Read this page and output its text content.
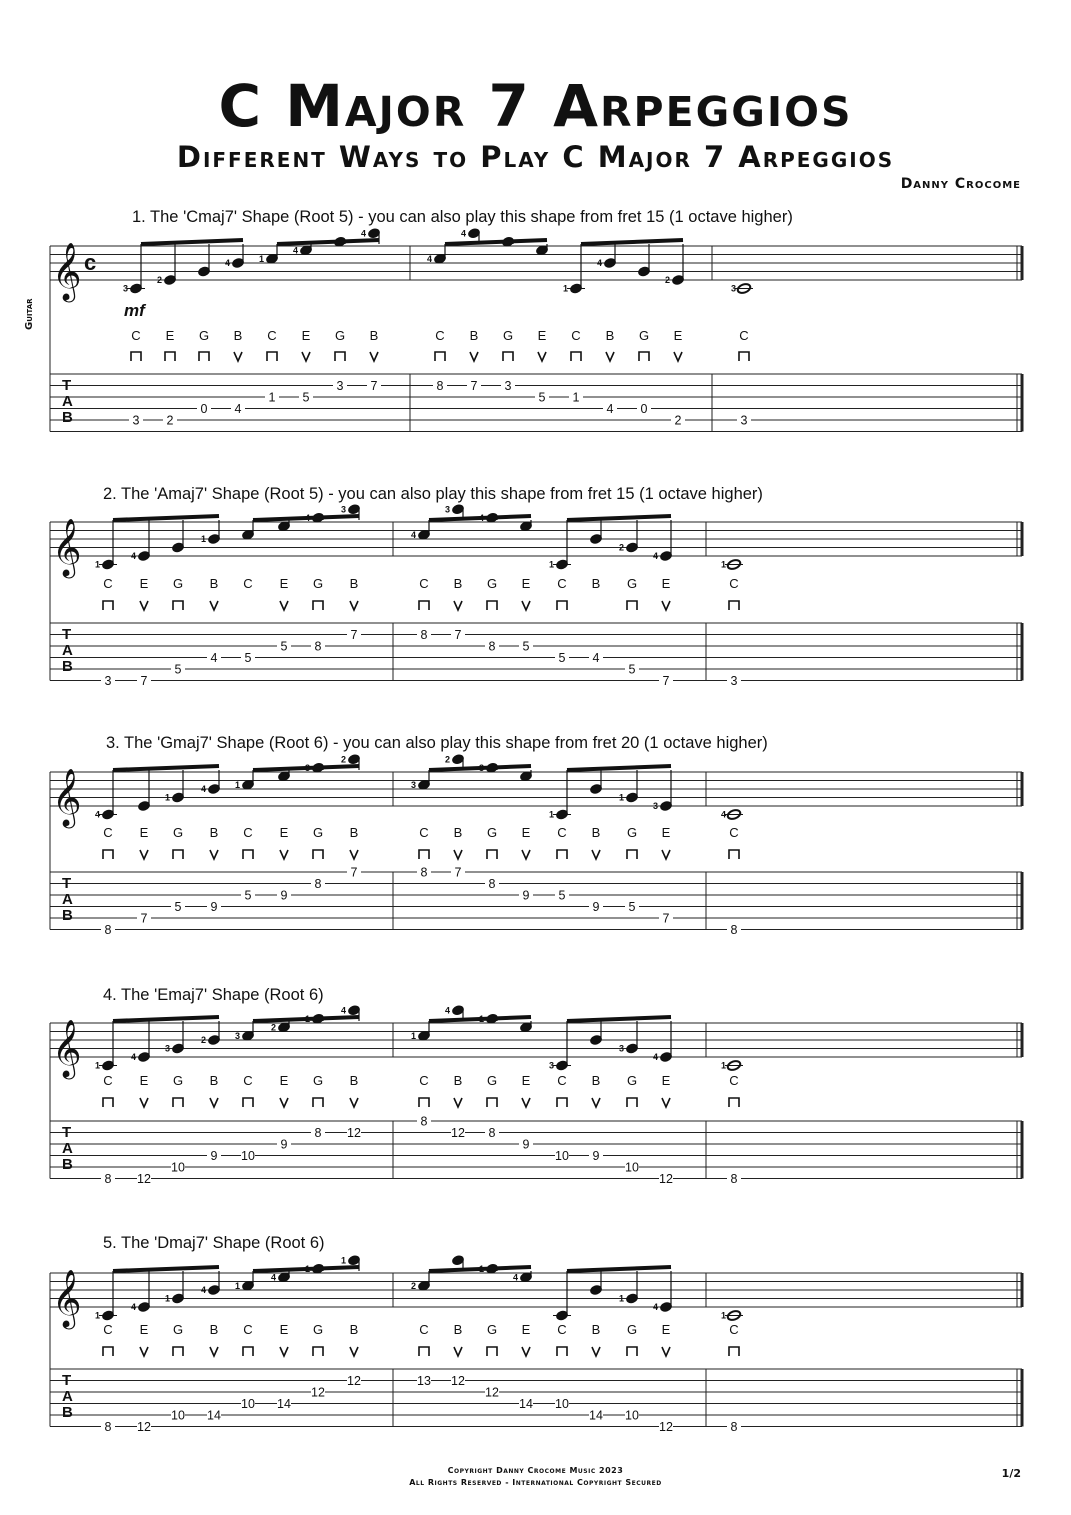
C Major 7 Arpeggios
Different Ways to Play C Major 7 Arpeggios
Danny Crocome
Guitar
1. The 'Cmaj7' Shape (Root 5) - you can also play this shape from fret 15 (1 octave higher)
2. The 'Amaj7' Shape (Root 5) - you can also play this shape from fret 15 (1 octave higher)
3. The 'Gmaj7' Shape (Root 6) - you can also play this shape from fret 20 (1 octave higher)
4. The 'Emaj7' Shape (Root 6)
5. The 'Dmaj7' Shape (Root 6)
𝄞 c
T
A
B
3
C
3
2
E
2
G
0
4
B
4
1
C
1
4
E
5
G
3
4
B
7
4
C
8
4
B
7
G
3
E
5
1
C
1
4
B
4
G
0
2
E
2
3
C
3
mf
𝄞
T
A
B
1
C
3
4
E
7
G
5
1
B
4
C
5
E
5
G
8
3
B
7
4
C
8
3
B
7
G
8
E
5
1
C
5
B
4
2
G
5
4
E
7
1
C
3
𝄞
T
A
B
4
C
8
E
7
1
G
5
4
B
9
1
C
5
E
9
G
8
2
B
7
3
C
8
2
B
7
G
8
E
9
1
C
5
B
9
1
G
5
3
E
7
4
C
8
𝄞
T
A
B
1
C
8
4
E
12
3
G
10
2
B
9
3
C
10
2
E
9
G
8
4
B
12
1
C
8
4
B
12
G
8
E
9
3
C
10
B
9
3
G
10
4
E
12
1
C
8
𝄞
T
A
B
1
C
8
4
E
12
1
G
10
4
B
14
1
C
10
4
E
14
G
12
1
B
12
2
C
13
B
12
G
12
4
E
14
C
10
B
14
1
G
10
4
E
12
1
C
8
Copyright Danny Crocome Music 2023
All Rights Reserved - International Copyright Secured
1/2
